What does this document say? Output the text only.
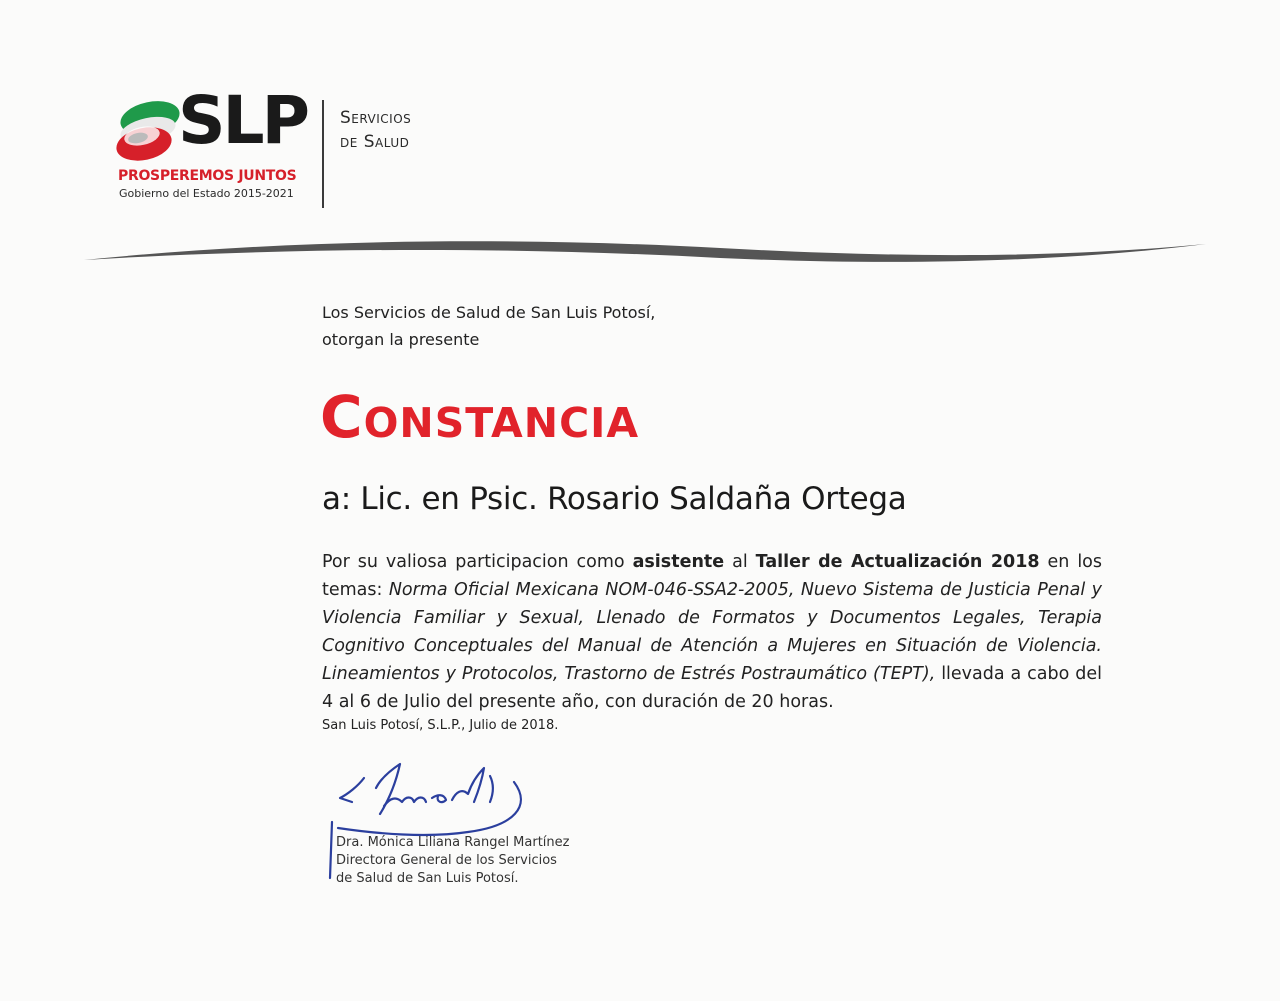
SLP
PROSPEREMOS JUNTOS
Gobierno del Estado 2015-2021
Servicios
de Salud
Los Servicios de Salud de San Luis Potosí,
otorgan la presente
Constancia
a: Lic. en Psic. Rosario Saldaña Ortega
Por su valiosa participacion como asistente al Taller de Actualización 2018 en los temas: Norma Oficial Mexicana NOM-046-SSA2-2005, Nuevo Sistema de Justicia Penal y Violencia Familiar y Sexual, Llenado de Formatos y Documentos Legales, Terapia Cognitivo Conceptuales del Manual de Atención a Mujeres en Situación de Violencia. Lineamientos y Protocolos, Trastorno de Estrés Postraumático (TEPT), llevada a cabo del 4 al 6 de Julio del presente año, con duración de 20 horas.
San Luis Potosí, S.L.P., Julio de 2018.
Dra. Mónica Liliana Rangel Martínez
Directora General de los Servicios
de Salud de San Luis Potosí.
